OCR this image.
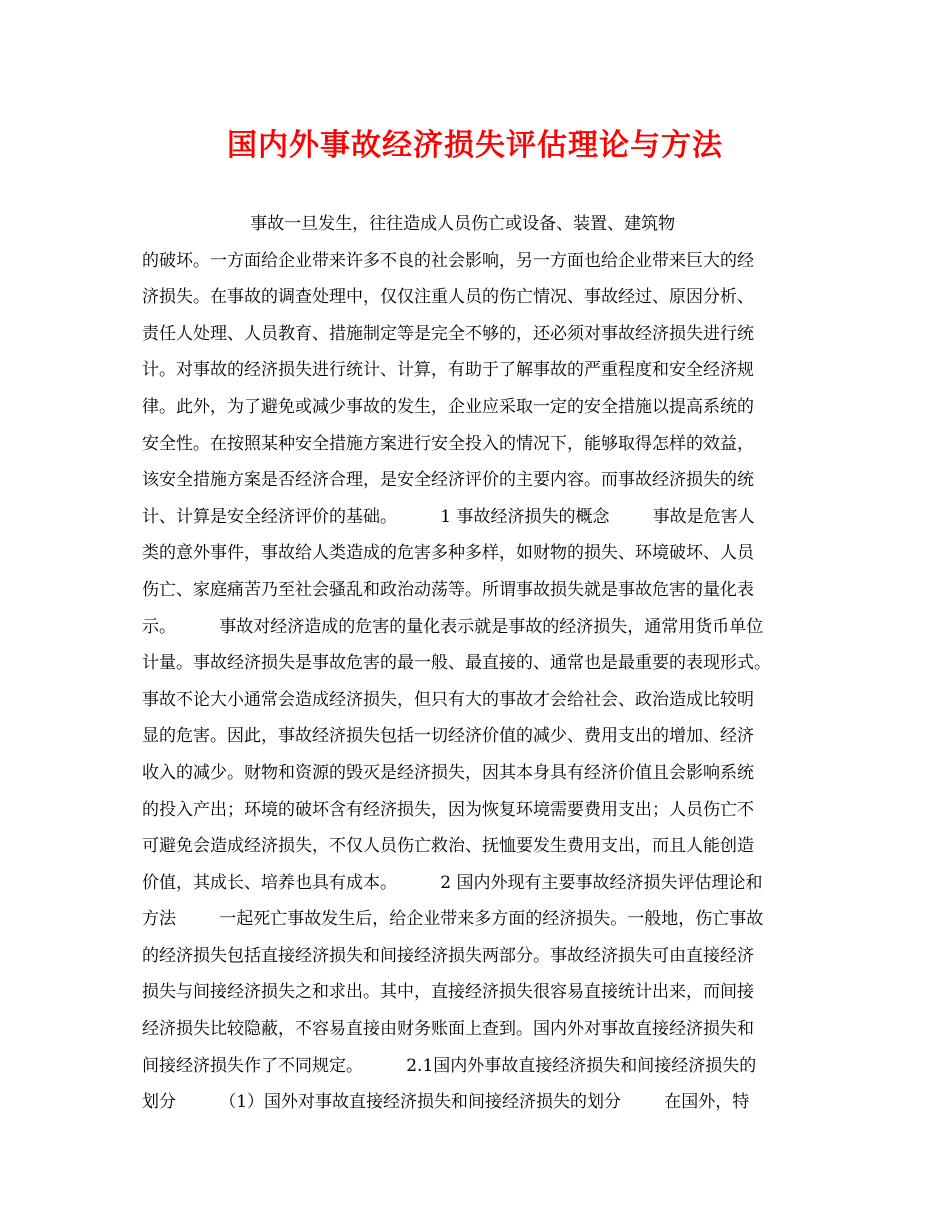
国内外事故经济损失评估理论与方法
事故一旦发生，往往造成人员伤亡或设备、装置、建筑物
的破坏。一方面给企业带来许多不良的社会影响，另一方面也给企业带来巨大的经
济损失。在事故的调查处理中，仅仅注重人员的伤亡情况、事故经过、原因分析、
责任人处理、人员教育、措施制定等是完全不够的，还必须对事故经济损失进行统
计。对事故的经济损失进行统计、计算，有助于了解事故的严重程度和安全经济规
律。此外，为了避免或减少事故的发生，企业应采取一定的安全措施以提高系统的
安全性。在按照某种安全措施方案进行安全投入的情况下，能够取得怎样的效益，
该安全措施方案是否经济合理，是安全经济评价的主要内容。而事故经济损失的统
计、计算是安全经济评价的基础。        1 事故经济损失的概念        事故是危害人
类的意外事件，事故给人类造成的危害多种多样，如财物的损失、环境破坏、人员
伤亡、家庭痛苦乃至社会骚乱和政治动荡等。所谓事故损失就是事故危害的量化表
示。        事故对经济造成的危害的量化表示就是事故的经济损失，通常用货币单位
计量。事故经济损失是事故危害的最一般、最直接的、通常也是最重要的表现形式。
事故不论大小通常会造成经济损失，但只有大的事故才会给社会、政治造成比较明
显的危害。因此，事故经济损失包括一切经济价值的减少、费用支出的增加、经济
收入的减少。财物和资源的毁灭是经济损失，因其本身具有经济价值且会影响系统
的投入产出；环境的破坏含有经济损失，因为恢复环境需要费用支出；人员伤亡不
可避免会造成经济损失，不仅人员伤亡救治、抚恤要发生费用支出，而且人能创造
价值，其成长、培养也具有成本。        2 国内外现有主要事故经济损失评估理论和
方法        一起死亡事故发生后，给企业带来多方面的经济损失。一般地，伤亡事故
的经济损失包括直接经济损失和间接经济损失两部分。事故经济损失可由直接经济
损失与间接经济损失之和求出。其中，直接经济损失很容易直接统计出来，而间接
经济损失比较隐蔽，不容易直接由财务账面上查到。国内外对事故直接经济损失和
间接经济损失作了不同规定。        2.1国内外事故直接经济损失和间接经济损失的
划分        （1）国外对事故直接经济损失和间接经济损失的划分        在国外，特
